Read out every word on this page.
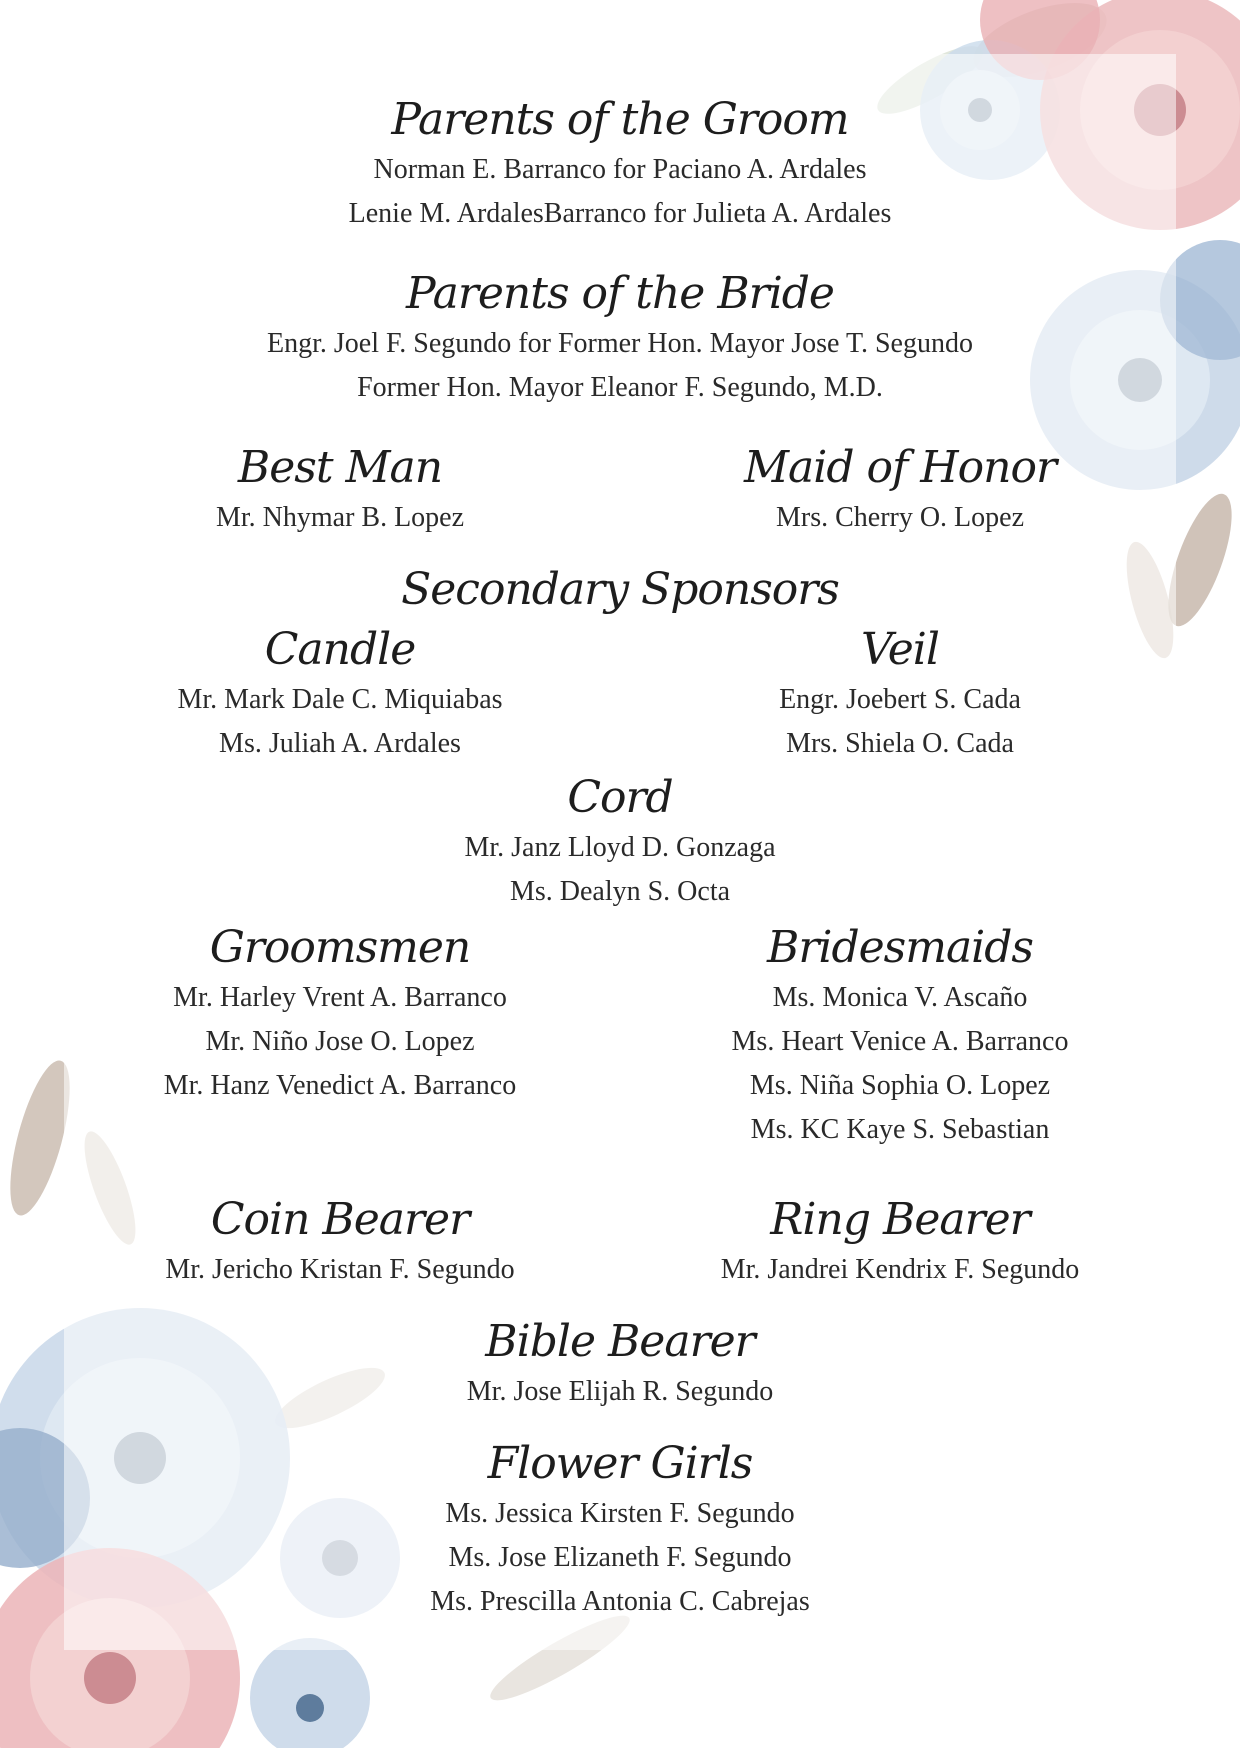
Parents of the Groom
Norman E. Barranco for Paciano A. Ardales
Lenie M. ArdalesBarranco for Julieta A. Ardales
Parents of the Bride
Engr. Joel F. Segundo for Former Hon. Mayor Jose T. Segundo
Former Hon. Mayor Eleanor F. Segundo, M.D.
Best Man
Mr. Nhymar B. Lopez
Maid of Honor
Mrs. Cherry O. Lopez
Secondary Sponsors
Candle
Mr. Mark Dale C. Miquiabas
Ms. Juliah A. Ardales
Veil
Engr. Joebert S. Cada
Mrs. Shiela O. Cada
Cord
Mr. Janz Lloyd D. Gonzaga
Ms. Dealyn S. Octa
Groomsmen
Mr. Harley Vrent A. Barranco
Mr. Niño Jose O. Lopez
Mr. Hanz Venedict A. Barranco
Bridesmaids
Ms. Monica V. Ascaño
Ms. Heart Venice A. Barranco
Ms. Niña Sophia O. Lopez
Ms. KC Kaye S. Sebastian
Coin Bearer
Mr. Jericho Kristan F. Segundo
Ring Bearer
Mr. Jandrei Kendrix F. Segundo
Bible Bearer
Mr. Jose Elijah R. Segundo
Flower Girls
Ms. Jessica Kirsten F. Segundo
Ms. Jose Elizaneth F. Segundo
Ms. Prescilla Antonia C. Cabrejas
